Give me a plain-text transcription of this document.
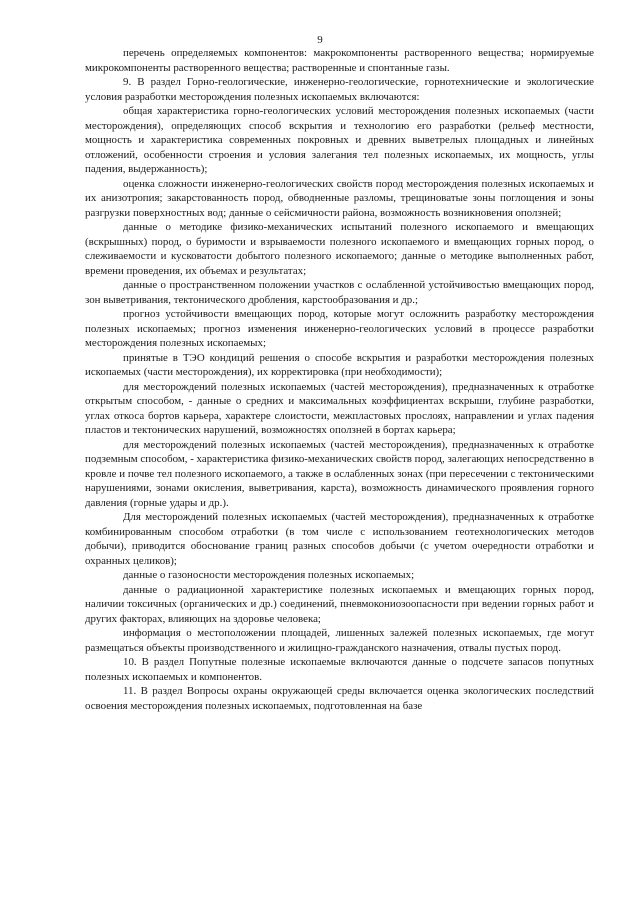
9

перечень определяемых компонентов: макрокомпоненты растворенного вещества; нормируемые микрокомпоненты растворенного вещества; растворенные и спонтанные газы.

9. В раздел Горно-геологические, инженерно-геологические, горнотехнические и экологические условия разработки месторождения полезных ископаемых включаются:

общая характеристика горно-геологических условий месторождения полезных ископаемых (части месторождения), определяющих способ вскрытия и технологию его разработки (рельеф местности, мощность и характеристика современных покровных и древних выветрелых площадных и линейных отложений, особенности строения и условия залегания тел полезных ископаемых, их мощность, углы падения, выдержанность);

оценка сложности инженерно-геологических свойств пород месторождения полезных ископаемых и их анизотропия; закарстованность пород, обводненные разломы, трещиноватые зоны поглощения и зоны разгрузки поверхностных вод; данные о сейсмичности района, возможность возникновения оползней;

данные о методике физико-механических испытаний полезного ископаемого и вмещающих (вскрышных) пород, о буримости и взрываемости полезного ископаемого и вмещающих горных пород, о слеживаемости и кусковатости добытого полезного ископаемого; данные о методике выполненных работ, времени проведения, их объемах и результатах;

данные о пространственном положении участков с ослабленной устойчивостью вмещающих пород, зон выветривания, тектонического дробления, карстообразования и др.;

прогноз устойчивости вмещающих пород, которые могут осложнить разработку месторождения полезных ископаемых; прогноз изменения инженерно-геологических условий в процессе разработки месторождения полезных ископаемых;

принятые в ТЭО кондиций решения о способе вскрытия и разработки месторождения полезных ископаемых (части месторождения), их корректировка (при необходимости);

для месторождений полезных ископаемых (частей месторождения), предназначенных к отработке открытым способом, - данные о средних и максимальных коэффициентах вскрыши, глубине разработки, углах откоса бортов карьера, характере слоистости, межпластовых прослоях, направлении и углах падения пластов и тектонических нарушений, возможностях оползней в бортах карьера;

для месторождений полезных ископаемых (частей месторождения), предназначенных к отработке подземным способом, - характеристика физико-механических свойств пород, залегающих непосредственно в кровле и почве тел полезного ископаемого, а также в ослабленных зонах (при пересечении с тектоническими нарушениями, зонами окисления, выветривания, карста), возможность динамического проявления горного давления (горные удары и др.).

Для месторождений полезных ископаемых (частей месторождения), предназначенных к отработке комбинированным способом отработки (в том числе с использованием геотехнологических методов добычи), приводится обоснование границ разных способов добычи (с учетом очередности отработки и охранных целиков);

данные о газоносности месторождения полезных ископаемых;

данные о радиационной характеристике полезных ископаемых и вмещающих горных пород, наличии токсичных (органических и др.) соединений, пневмокониозоопасности при ведении горных работ и других факторах, влияющих на здоровье человека;

информация о местоположении площадей, лишенных залежей полезных ископаемых, где могут размещаться объекты производственного и жилищно-гражданского назначения, отвалы пустых пород.

10. В раздел Попутные полезные ископаемые включаются данные о подсчете запасов попутных полезных ископаемых и компонентов.

11. В раздел Вопросы охраны окружающей среды включается оценка экологических последствий освоения месторождения полезных ископаемых, подготовленная на базе
